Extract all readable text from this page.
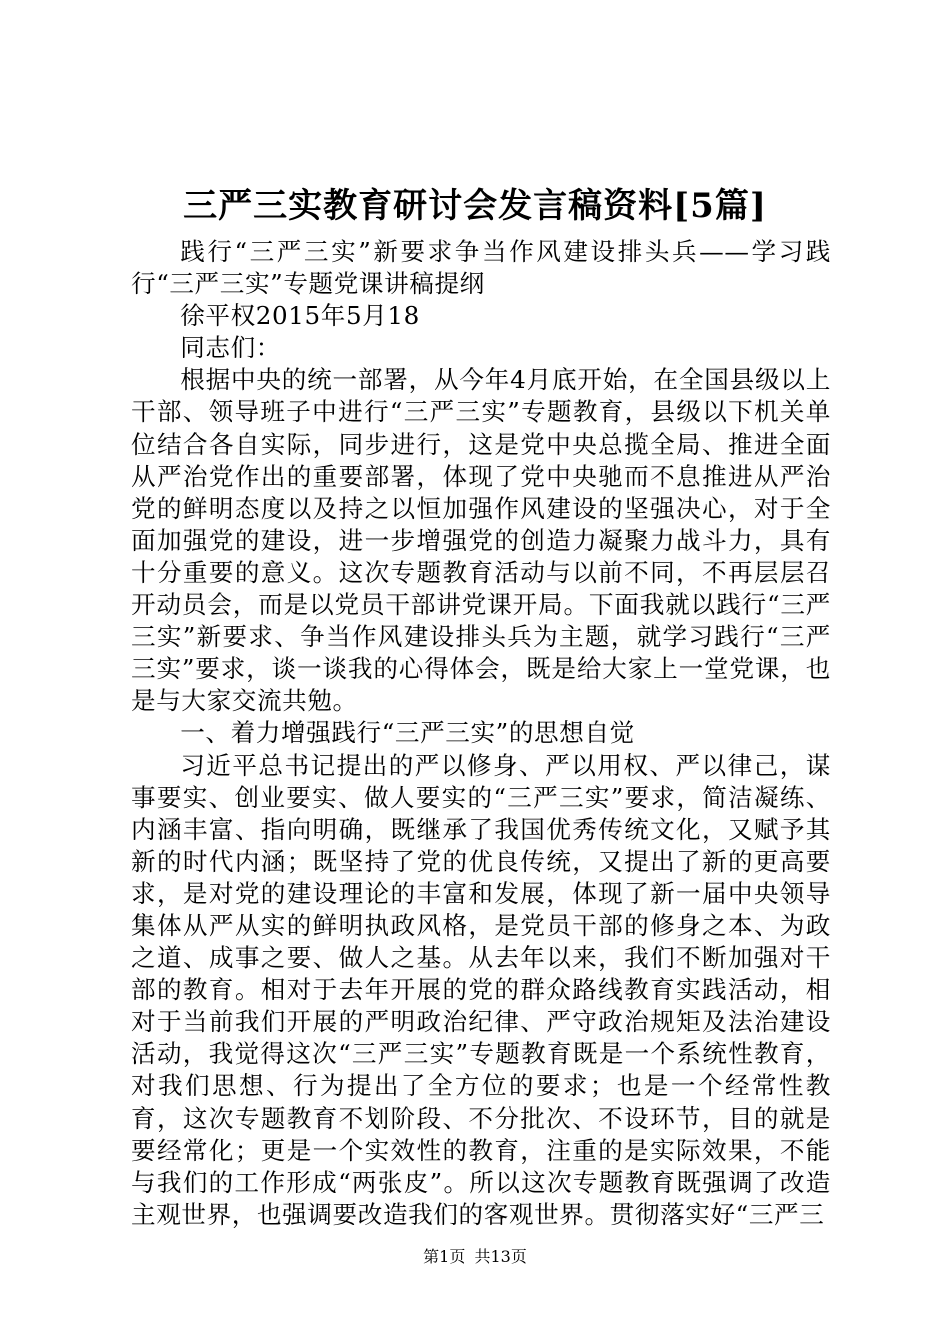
三严三实教育研讨会发言稿资料[5篇]

践行“三严三实”新要求争当作风建设排头兵——学习践行“三严三实”专题党课讲稿提纲

徐平权2015年5月18

同志们：

根据中央的统一部署，从今年4月底开始，在全国县级以上干部、领导班子中进行“三严三实”专题教育，县级以下机关单位结合各自实际，同步进行，这是党中央总揽全局、推进全面从严治党作出的重要部署，体现了党中央驰而不息推进从严治党的鲜明态度以及持之以恒加强作风建设的坚强决心，对于全面加强党的建设，进一步增强党的创造力凝聚力战斗力，具有十分重要的意义。这次专题教育活动与以前不同，不再层层召开动员会，而是以党员干部讲党课开局。下面我就以践行“三严三实”新要求、争当作风建设排头兵为主题，就学习践行“三严三实”要求，谈一谈我的心得体会，既是给大家上一堂党课，也是与大家交流共勉。

一、着力增强践行“三严三实”的思想自觉

习近平总书记提出的严以修身、严以用权、严以律己，谋事要实、创业要实、做人要实的“三严三实”要求，简洁凝练、内涵丰富、指向明确，既继承了我国优秀传统文化，又赋予其新的时代内涵；既坚持了党的优良传统，又提出了新的更高要求，是对党的建设理论的丰富和发展，体现了新一届中央领导集体从严从实的鲜明执政风格，是党员干部的修身之本、为政之道、成事之要、做人之基。从去年以来，我们不断加强对干部的教育。相对于去年开展的党的群众路线教育实践活动，相对于当前我们开展的严明政治纪律、严守政治规矩及法治建设活动，我觉得这次“三严三实”专题教育既是一个系统性教育，对我们思想、行为提出了全方位的要求；也是一个经常性教育，这次专题教育不划阶段、不分批次、不设环节，目的就是要经常化；更是一个实效性的教育，注重的是实际效果，不能与我们的工作形成“两张皮”。所以这次专题教育既强调了改造主观世界，也强调要改造我们的客观世界。贯彻落实好“三严三

第1页 共13页
